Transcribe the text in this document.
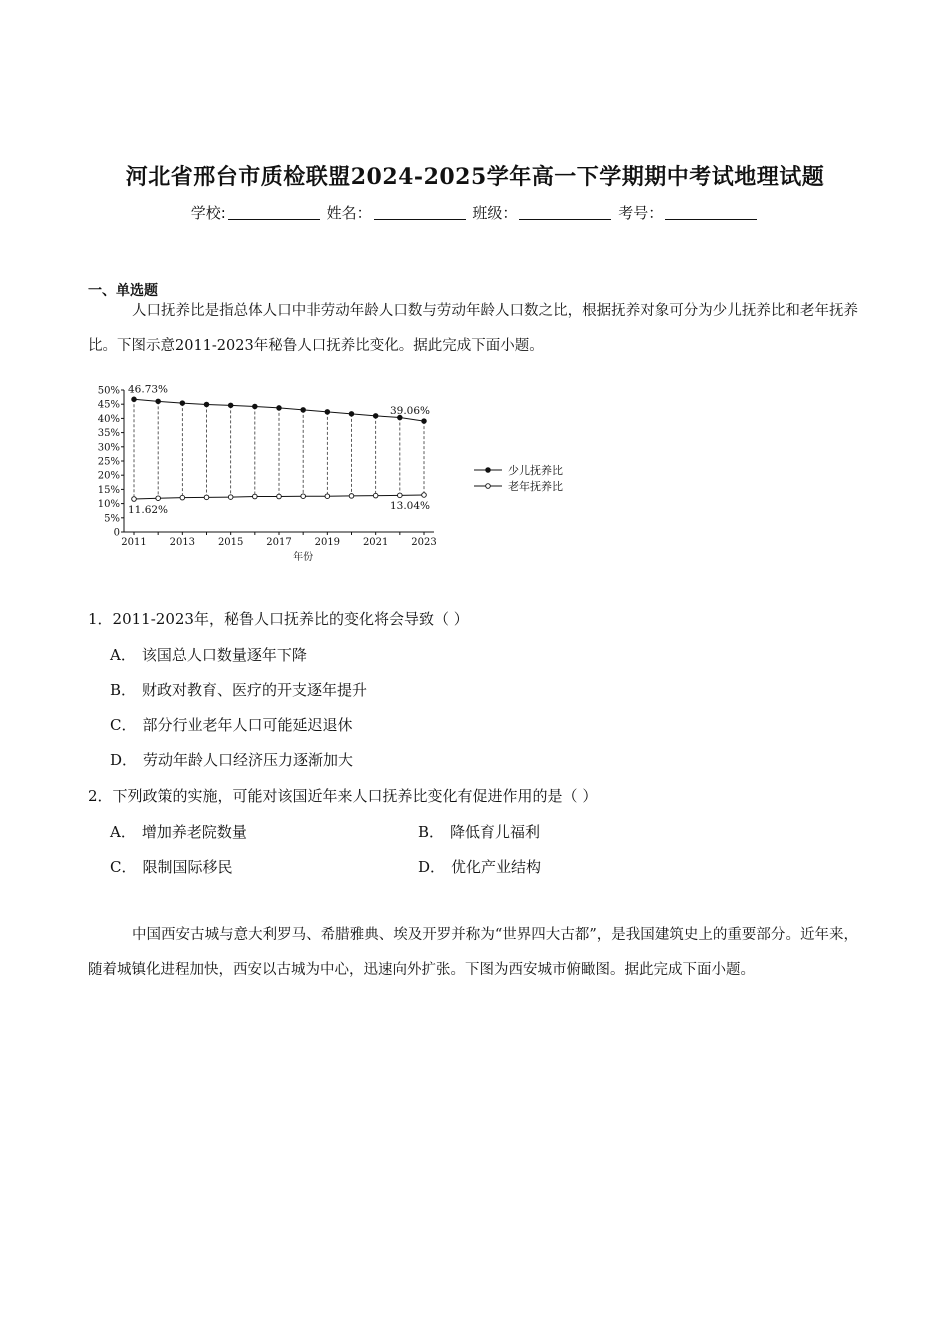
河北省邢台市质检联盟2024-2025学年高一下学期期中考试地理试题
学校:	姓名：	班级：	考号：
一、单选题
人口抚养比是指总体人口中非劳动年龄人口数与劳动年龄人口数之比，根据抚养对象可分为少儿抚养比和老年抚养比。下图示意2011-2023年秘鲁人口抚养比变化。据此完成下面小题。
0
5%
10%
15%
20%
25%
30%
35%
40%
45%
50%
2011 2013 2015 2017 2019 2021 2023
年份
46.73%
39.06%
11.62%	13.04%
少儿抚养比
老年抚养比
1．2011-2023年，秘鲁人口抚养比的变化将会导致（ ）
A． 该国总人口数量逐年下降
B． 财政对教育、医疗的开支逐年提升
C． 部分行业老年人口可能延迟退休
D． 劳动年龄人口经济压力逐渐加大
2．下列政策的实施，可能对该国近年来人口抚养比变化有促进作用的是（ ）
A． 增加养老院数量	B． 降低育儿福利
C． 限制国际移民	D． 优化产业结构
中国西安古城与意大利罗马、希腊雅典、埃及开罗并称为“世界四大古都”，是我国建筑史上的重要部分。近年来，随着城镇化进程加快，西安以古城为中心，迅速向外扩张。下图为西安城市俯瞰图。据此完成下面小题。
